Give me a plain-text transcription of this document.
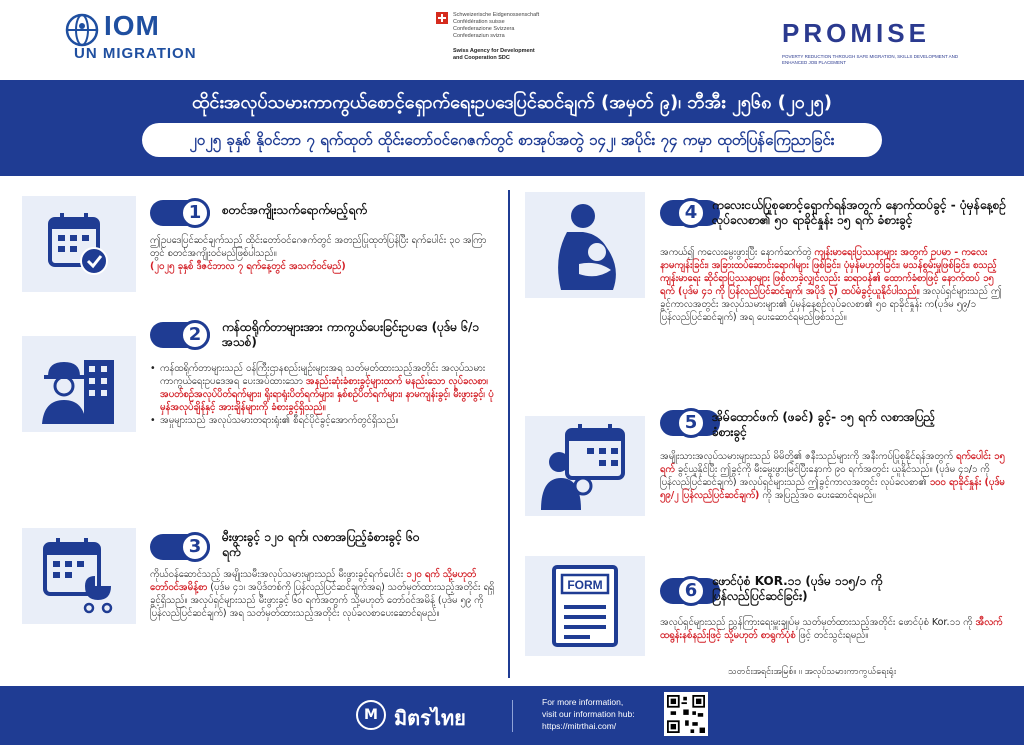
IOM
UN MIGRATION
Schweizerische Eidgenossenschaft
Confédération suisse
Confederazione Svizzera
Confederaziun svizra
Swiss Agency for Development
and Cooperation SDC
PROMISE
POVERTY REDUCTION THROUGH SAFE MIGRATION, SKILLS DEVELOPMENT AND ENHANCED JOB PLACEMENT
ထိုင်းအလုပ်သမားကာကွယ်စောင့်ရှောက်ရေးဥပဒေပြင်ဆင်ချက် (အမှတ် ၉)၊ ဘီအီး ၂၅၆၈ (၂၀၂၅)
၂၀၂၅ ခုနှစ် နိုဝင်ဘာ ၇ ရက်ထုတ် ထိုင်းတော်ဝင်ဂေဇက်တွင် စာအုပ်အတွဲ ၁၄၂၊ အပိုင်း ၇၄ ကမှာ ထုတ်ပြန်ကြေညာခြင်း
1	စတင်အကျိုးသက်ရောက်မည့်ရက်
ဤဥပဒေပြင်ဆင်ချက်သည် ထိုင်းတော်ဝင်ဂေဇက်တွင် အတည်ပြုထုတ်ပြန်ပြီး ရက်ပေါင်း ၃၀ အကြာတွင် စတင်အကျိုးဝင်မည်ဖြစ်ပါသည်။
(၂၀၂၅ ခုနှစ် ဒီဇင်ဘာလ ၇ ရက်နေ့တွင် အသက်ဝင်မည်)
2	ကန်ထရိုက်တာများအား ကာကွယ်ပေးခြင်းဥပဒေ (ပုဒ်မ ၆/၁ အသစ်)
• ကန်ထရိုက်တာများသည် ဝန်ကြီးဌာနစည်းမျဉ်းများအရ သတ်မှတ်ထားသည့်အတိုင်း အလုပ်သမားကာကွယ်ရေးဥပဒေအရ ပေးအပ်ထားသော အနည်းဆုံးခံစားခွင့်များထက် မနည်းသော လုပ်ခလစာ၊ အပတ်စဉ်အလုပ်ပိတ်ရက်များ၊ ရိုးရာရုံးပိတ်ရက်များ၊ နှစ်စဉ်ပိတ်ရက်များ၊ နာမကျန်းခွင့်၊ မီးဖွားခွင့်၊ ပုံမှန်အလုပ်ချိန်နှင့် အားချိန်များကို ခံစားခွင့်ရှိသည်။
• အမှုများသည် အလုပ်သမားတရားရုံး၏ စီရင်ပိုင်ခွင့်အောက်တွင်ရှိသည်။
3	မီးဖွားခွင့် ၁၂၀ ရက်၊ လစာအပြည့်ခံစားခွင့် ၆၀ ရက်
ကိုယ်ဝန်ဆောင်သည့် အမျိုးသမီးအလုပ်သမားများသည် မီးဖွားခွင့်ရက်ပေါင်း ၁၂၀ ရက် သို့မဟုတ် တော်ဝင်အမိန့်စာ (ပုဒ်မ ၄၁၊ အပိုဒ်တစ်ကို ပြန်လည်ပြင်ဆင်ချက်အရ) သတ်မှတ်ထားသည့်အတိုင်း ရရှိခွင့်ရှိသည်။ အလုပ်ရှင်များသည် မီးဖွားခွင့် ၆၀ ရက်အတွက် သို့မဟုတ် တော်ဝင်အမိန့် (ပုဒ်မ ၅၉ ကို ပြန်လည်ပြင်ဆင်ချက်) အရ သတ်မှတ်ထားသည့်အတိုင်း လုပ်ခလစာပေးဆောင်ရမည်။
4	ကလေးငယ်ပြုစုစောင့်ရှောက်ရန်အတွက် နောက်ထပ်ခွင့် - ပုံမှန်နေ့စဉ်လုပ်ခလစာ၏ ၅၀ ရာခိုင်နှုန်း ၁၅ ရက် ခံစားခွင့်
အကယ်၍ ကလေးမွေးဖွားပြီး နောက်ဆက်တွဲ ကျန်းမာရေးပြဿနာများ အတွက် ဥပမာ - ကလေးနာမကျန်းခြင်း၊ အခြားထပ်ဆောင်းရောဂါများ ဖြစ်ခြင်း၊ ပုံမှန်မဟုတ်ခြင်း၊ မသန်စွမ်းမှုဖြစ်ခြင်း၊ စသည့်ကျန်းမာရေး ဆိုင်ရာပြဿနာများ ဖြစ်လာခဲ့လျှင်လည်း ဆရာဝန်၏ ထောက်ခံစာဖြင့် နောက်ထပ် ၁၅ ရက် (ပုဒ်မ ၄၁ ကို ပြန်လည်ပြင်ဆင်ချက်၊ အပိုဒ် ၃) ထပ်မံခွင့်ယူနိုင်ပါသည်။ အလုပ်ရှင်များသည် ဤခွင့်ကာလအတွင်း အလုပ်သမားများ၏ ပုံမှန်နေ့စဉ်လုပ်ခလစာ၏ ၅၀ ရာခိုင်နှုန်း က(ပုဒ်မ ၅၉/၁ ပြန်လည်ပြင်ဆင်ချက်) အရ ပေးဆောင်ရမည်ဖြစ်သည်။
5	အိမ်ထောင်ဖက် (ဖခင်) ခွင့်- ၁၅ ရက် လစာအပြည့်ခံစားခွင့်
အမျိုးသားအလုပ်သမားများသည် မိမိတို့၏ ဇနီးသည်များကို အနီးကပ်ပြုစုနိုင်ရန်အတွက် ရက်ပေါင်း ၁၅ ရက် ခွင့်ယူနိုင်ပြီး ဤခွင့်ကို မီးမွေးဖွားမြင်ပြီးနောက် ၉၀ ရက်အတွင်း ယူနိုင်သည်။ (ပုဒ်မ ၄၁/၁ ကို ပြန်လည်ပြင်ဆင်ချက်) အလုပ်ရှင်များသည် ဤခွင့်ကာလအတွင်း လုပ်ခလစာ၏ ၁၀၀ ရာခိုင်နှုန်း (ပုဒ်မ ၅၉/၂ ပြန်လည်ပြင်ဆင်ချက်) ကို အပြည့်အဝ ပေးဆောင်ရမည်။
FORM	6	ဖောင်ပုံစံ KOR.၁၁ (ပုဒ်မ ၁၁၅/၁ ကို ပြန်လည်ပြင်ဆင်ခြင်း)
အလုပ်ရှင်များသည် ညွှန်ကြားရေးမှူးချုပ်မှ သတ်မှတ်ထားသည့်အတိုင်း ဖောင်ပုံစံ Kor.၁၁ ကို အီလက်ထရွန်းနစ်နည်းဖြင့် သို့မဟုတ် စာရွက်ပုံစံ ဖြင့် တင်သွင်းရမည်။
သတင်းအရင်းအမြစ်။ ။ အလုပ်သမားကာကွယ်ရေးရုံး
M มิตรไทย
For more information,
visit our information hub:
https://mitrthai.com/
